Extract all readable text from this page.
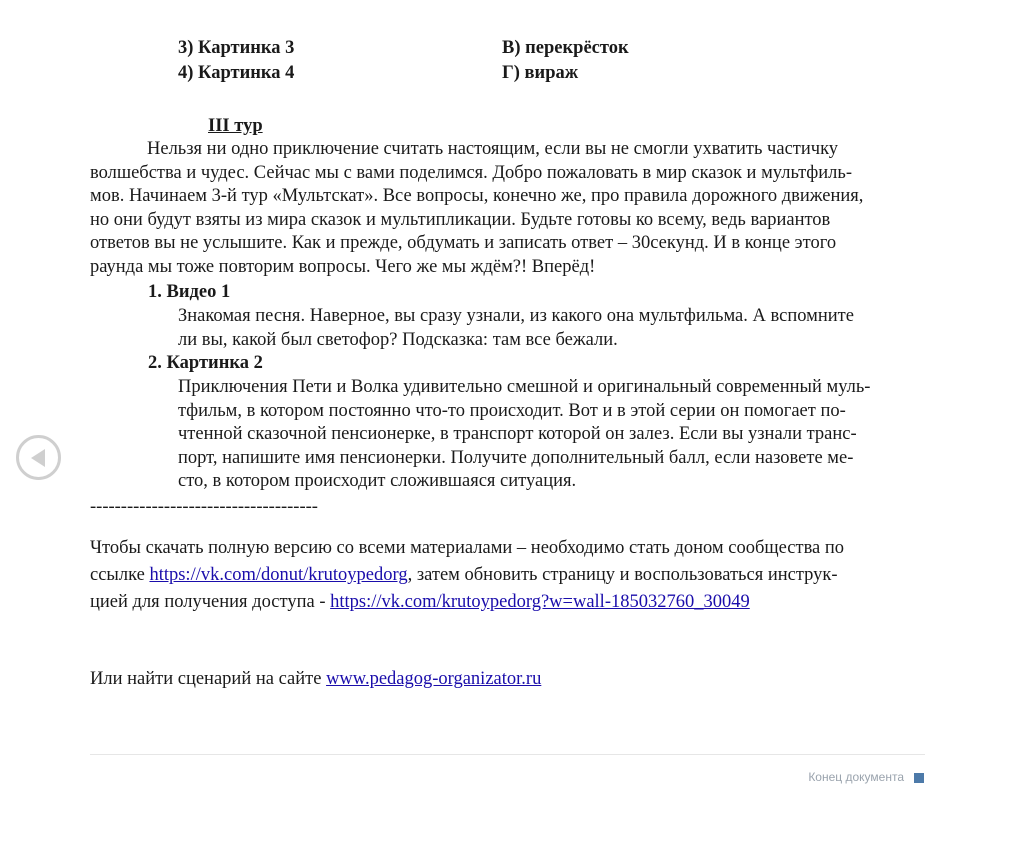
3) Картинка 3	В) перекрёсток
4) Картинка 4	Г) вираж
III тур
Нельзя ни одно приключение считать настоящим, если вы не смогли ухватить частичку
волшебства и чудес. Сейчас мы с вами поделимся. Добро пожаловать в мир сказок и мультфиль-
мов. Начинаем 3-й тур «Мультскат». Все вопросы, конечно же, про правила дорожного движения,
но они будут взяты из мира сказок и мультипликации. Будьте готовы ко всему, ведь вариантов
ответов вы не услышите. Как и прежде, обдумать и записать ответ – 30секунд. И в конце этого
раунда мы тоже повторим вопросы. Чего же мы ждём?! Вперёд!
1. Видео 1
Знакомая песня. Наверное, вы сразу узнали, из какого она мультфильма. А вспомните
ли вы, какой был светофор? Подсказка: там все бежали.
2. Картинка 2
Приключения Пети и Волка удивительно смешной и оригинальный современный муль-
тфильм, в котором постоянно что-то происходит. Вот и в этой серии он помогает по-
чтенной сказочной пенсионерке, в транспорт которой он залез. Если вы узнали транс-
порт, напишите имя пенсионерки. Получите дополнительный балл, если назовете ме-
сто, в котором происходит сложившаяся ситуация.
-------------------------------------
Чтобы скачать полную версию со всеми материалами – необходимо стать доном сообщества по
ссылке https://vk.com/donut/krutoypedorg, затем обновить страницу и воспользоваться инструк-
цией для получения доступа - https://vk.com/krutoypedorg?w=wall-185032760_30049
Или найти сценарий на сайте www.pedagog-organizator.ru
Конец документа
